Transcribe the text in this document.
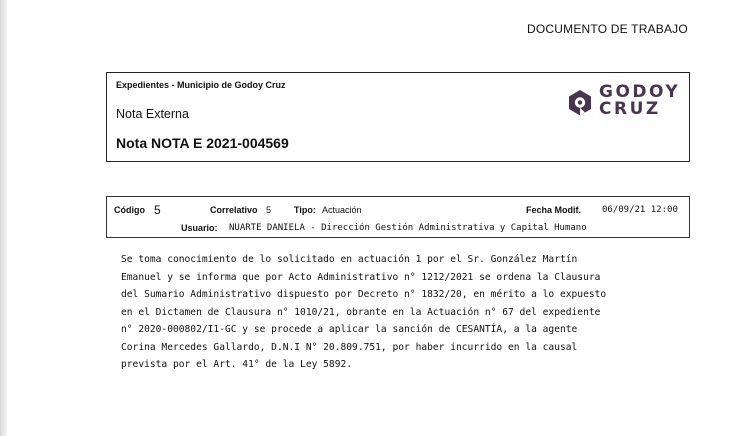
DOCUMENTO DE TRABAJO
Expedientes - Municipio de Godoy Cruz
Nota Externa
Nota NOTA E 2021-004569
GODOY
CRUZ
Código 5	Correlativo 5	Tipo: Actuación	Fecha Modif. 06/09/21 12:00
Usuario: NUARTE DANIELA - Dirección Gestión Administrativa y Capital Humano
Se toma conocimiento de lo solicitado en actuación 1 por el Sr. González Martín
Emanuel y se informa que por Acto Administrativo n° 1212/2021 se ordena la Clausura
del Sumario Administrativo dispuesto por Decreto n° 1832/20, en mérito a lo expuesto
en el Dictamen de Clausura n° 1010/21, obrante en la Actuación n° 67 del expediente
n° 2020-000802/I1-GC y se procede a aplicar la sanción de CESANTÍA, a la agente
Corina Mercedes Gallardo, D.N.I N° 20.809.751, por haber incurrido en la causal
prevista por el Art. 41° de la Ley 5892.
